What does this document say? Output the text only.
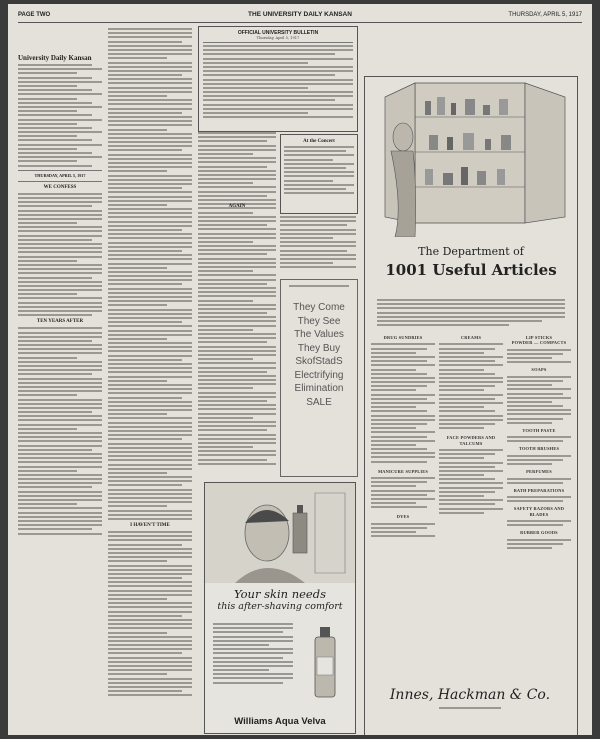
PAGE TWO	THE UNIVERSITY DAILY KANSAN	THURSDAY, APRIL 5, 1917
University Daily Kansan
THURSDAY, APRIL 5, 1917
WE CONFESS
TEN YEARS AFTER
I HAVEN'T TIME
OFFICIAL UNIVERSITY BULLETIN
Thursday, April 5, 1917
AGAIN
At the Concert
They Come
They See
The Values
They Buy
SkofStadS
Electrifying
Elimination
SALE
Your skin needs
this after-shaving comfort
Williams Aqua Velva
The Department of
1001 Useful Articles
DRUG SUNDRIES
MANICURE SUPPLIES
DYES
CREAMS
FACE POWDERS AND TALCUMS
LIP STICKS
POWDER — COMPACTS
SOAPS
TOOTH PASTE
TOOTH BRUSHES
PERFUMES
BATH PREPARATIONS
SAFETY RAZORS AND BLADES
RUBBER GOODS
Innes, Hackman & Co.
